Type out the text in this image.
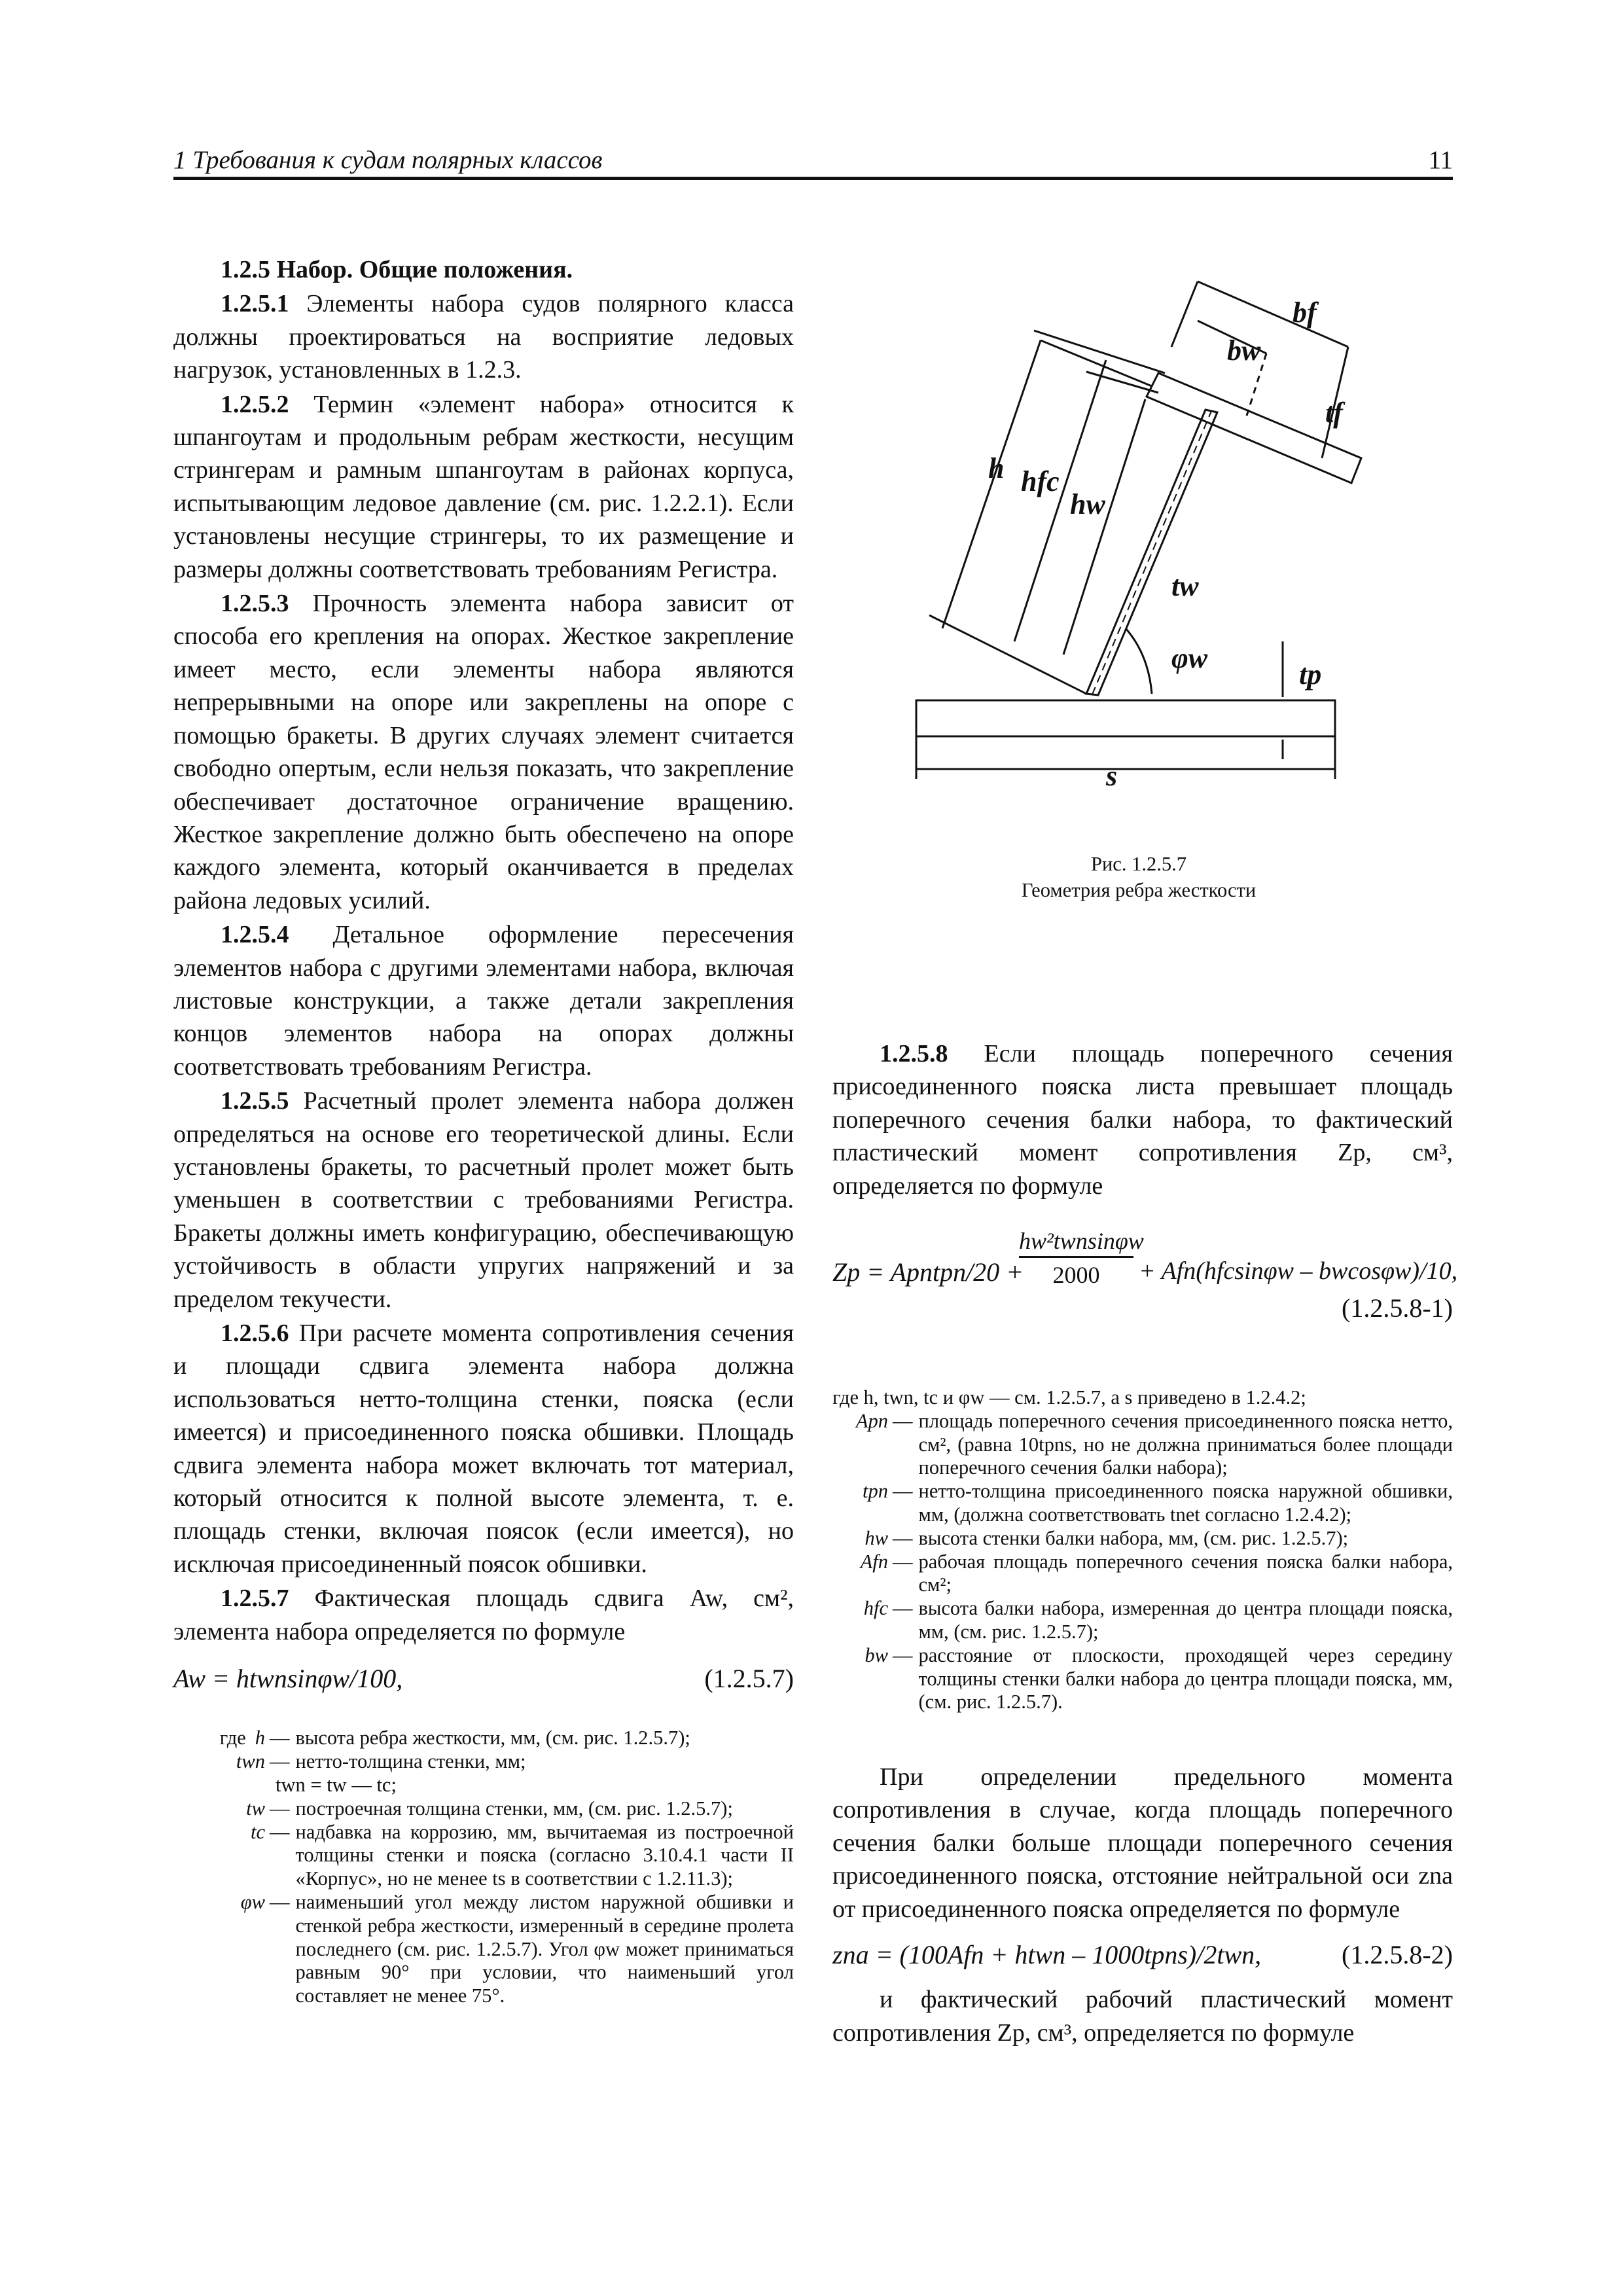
1 Требования к судам полярных классов	11

1.2.5 Набор. Общие положения.

1.2.5.1 Элементы набора судов полярного класса должны проектироваться на восприятие ледовых нагрузок, установленных в 1.2.3.

1.2.5.2 Термин «элемент набора» относится к шпангоутам и продольным ребрам жесткости, несущим стрингерам и рамным шпангоутам в районах корпуса, испытывающим ледовое давление (см. рис. 1.2.2.1). Если установлены несущие стрингеры, то их размещение и размеры должны соответствовать требованиям Регистра.

1.2.5.3 Прочность элемента набора зависит от способа его крепления на опорах. Жесткое закрепление имеет место, если элементы набора являются непрерывными на опоре или закреплены на опоре с помощью бракеты. В других случаях элемент считается свободно опертым, если нельзя показать, что закрепление обеспечивает достаточное ограничение вращению. Жесткое закрепление должно быть обеспечено на опоре каждого элемента, который оканчивается в пределах района ледовых усилий.

1.2.5.4 Детальное оформление пересечения элементов набора с другими элементами набора, включая листовые конструкции, а также детали закрепления концов элементов набора на опорах должны соответствовать требованиям Регистра.

1.2.5.5 Расчетный пролет элемента набора должен определяться на основе его теоретической длины. Если установлены бракеты, то расчетный пролет может быть уменьшен в соответствии с требованиями Регистра. Бракеты должны иметь конфигурацию, обеспечивающую устойчивость в области упругих напряжений и за пределом текучести.

1.2.5.6 При расчете момента сопротивления сечения и площади сдвига элемента набора должна использоваться нетто-толщина стенки, пояска (если имеется) и присоединенного пояска обшивки. Площадь сдвига элемента набора может включать тот материал, который относится к полной высоте элемента, т. е. площадь стенки, включая поясок (если имеется), но исключая присоединенный поясок обшивки.

1.2.5.7 Фактическая площадь сдвига Aw, см², элемента набора определяется по формуле

Aw = htwnsinφw/100,	(1.2.5.7)
где h — высота ребра жесткости, мм, (см. рис. 1.2.5.7);
twn — нетто-толщина стенки, мм;
twn = tw — tc;
tw — построечная толщина стенки, мм, (см. рис. 1.2.5.7);
tc — надбавка на коррозию, мм, вычитаемая из построечной толщины стенки и пояска (согласно 3.10.4.1 части II «Корпус», но не менее ts в соответствии с 1.2.11.3);
φw — наименьший угол между листом наружной обшивки и стенкой ребра жесткости, измеренный в середине пролета последнего (см. рис. 1.2.5.7). Угол φw может приниматься равным 90° при условии, что наименьший угол составляет не менее 75°.
bf
bw
tf
h hfc
hw
tw
φw
tp
s
Рис. 1.2.5.7
Геометрия ребра жесткости

1.2.5.8 Если площадь поперечного сечения присоединенного пояска листа превышает площадь поперечного сечения балки набора, то фактический пластический момент сопротивления Zp, см³, определяется по формуле

Zp = Apntpn/20 +
hw²twnsinφw
2000	+ Afn(hfcsinφw – bwcosφw)/10,
(1.2.5.8-1)
где h, twn, tc и φw — см. 1.2.5.7, а s приведено в 1.2.4.2;
Apn — площадь поперечного сечения присоединенного пояска нетто, см², (равна 10tpns, но не должна приниматься более площади поперечного сечения балки набора);
tpn — нетто-толщина присоединенного пояска наружной обшивки, мм, (должна соответствовать tnet согласно 1.2.4.2);
hw — высота стенки балки набора, мм, (см. рис. 1.2.5.7);
Afn — рабочая площадь поперечного сечения пояска балки набора, см²;
hfc — высота балки набора, измеренная до центра площади пояска, мм, (см. рис. 1.2.5.7);
bw — расстояние от плоскости, проходящей через середину толщины стенки балки набора до центра площади пояска, мм, (см. рис. 1.2.5.7).

При определении предельного момента сопротивления в случае, когда площадь поперечного сечения балки больше площади поперечного сечения присоединенного пояска, отстояние нейтральной оси zna от присоединенного пояска определяется по формуле

zna = (100Afn + htwn – 1000tpns)/2twn,	(1.2.5.8-2)

и фактический рабочий пластический момент сопротивления Zp, см³, определяется по формуле
